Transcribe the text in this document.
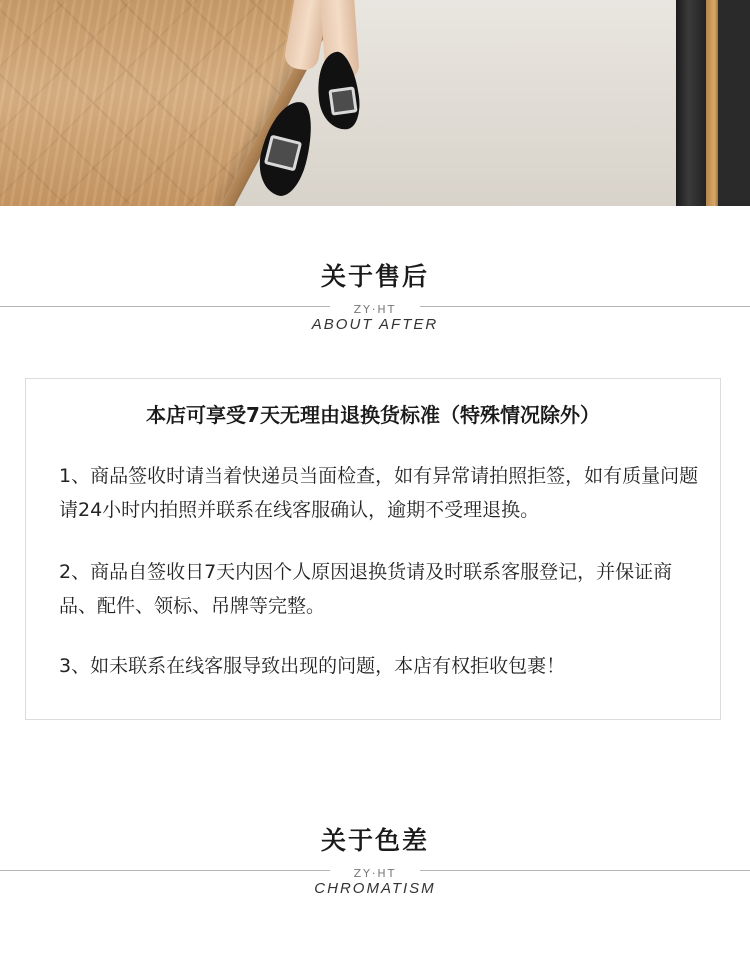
关于售后
ZY·HT
ABOUT AFTER
本店可享受7天无理由退换货标准（特殊情况除外）
1、商品签收时请当着快递员当面检查，如有异常请拍照拒签，如有质量问题请24小时内拍照并联系在线客服确认，逾期不受理退换。
2、商品自签收日7天内因个人原因退换货请及时联系客服登记，并保证商品、配件、领标、吊牌等完整。
3、如未联系在线客服导致出现的问题，本店有权拒收包裹！
关于色差
ZY·HT
CHROMATISM
